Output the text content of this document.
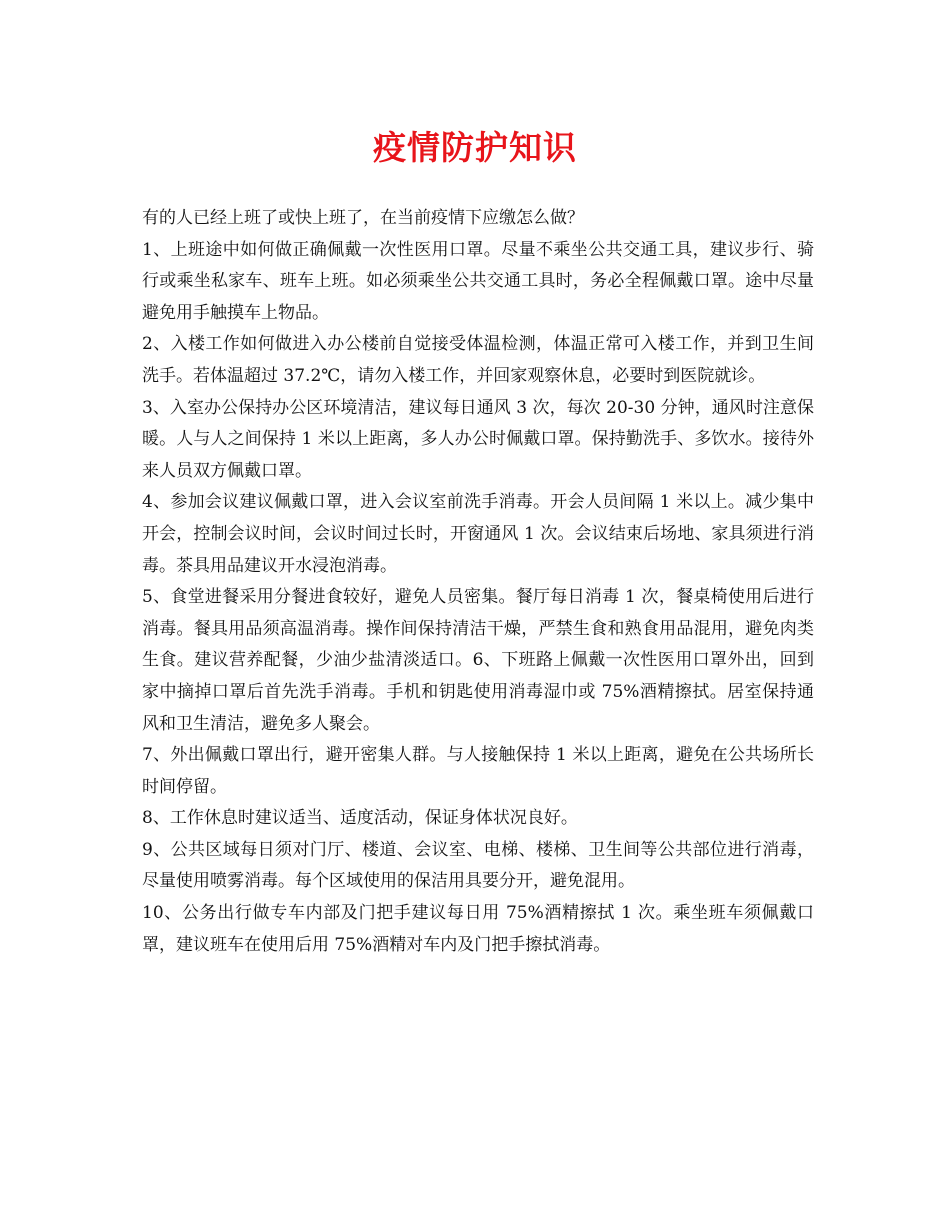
疫情防护知识

有的人已经上班了或快上班了，在当前疫情下应缴怎么做？

1、上班途中如何做正确佩戴一次性医用口罩。尽量不乘坐公共交通工具，建议步行、骑行或乘坐私家车、班车上班。如必须乘坐公共交通工具时，务必全程佩戴口罩。途中尽量避免用手触摸车上物品。

2、入楼工作如何做进入办公楼前自觉接受体温检测，体温正常可入楼工作，并到卫生间洗手。若体温超过 37.2℃，请勿入楼工作，并回家观察休息，必要时到医院就诊。

3、入室办公保持办公区环境清洁，建议每日通风 3 次，每次 20-30 分钟，通风时注意保暖。人与人之间保持 1 米以上距离，多人办公时佩戴口罩。保持勤洗手、多饮水。接待外来人员双方佩戴口罩。

4、参加会议建议佩戴口罩，进入会议室前洗手消毒。开会人员间隔 1 米以上。减少集中开会，控制会议时间，会议时间过长时，开窗通风 1 次。会议结束后场地、家具须进行消毒。茶具用品建议开水浸泡消毒。

5、食堂进餐采用分餐进食较好，避免人员密集。餐厅每日消毒 1 次，餐桌椅使用后进行消毒。餐具用品须高温消毒。操作间保持清洁干燥，严禁生食和熟食用品混用，避免肉类生食。建议营养配餐，少油少盐清淡适口。6、下班路上佩戴一次性医用口罩外出，回到家中摘掉口罩后首先洗手消毒。手机和钥匙使用消毒湿巾或 75%酒精擦拭。居室保持通风和卫生清洁，避免多人聚会。

7、外出佩戴口罩出行，避开密集人群。与人接触保持 1 米以上距离，避免在公共场所长时间停留。

8、工作休息时建议适当、适度活动，保证身体状况良好。

9、公共区域每日须对门厅、楼道、会议室、电梯、楼梯、卫生间等公共部位进行消毒，尽量使用喷雾消毒。每个区域使用的保洁用具要分开，避免混用。

10、公务出行做专车内部及门把手建议每日用 75%酒精擦拭 1 次。乘坐班车须佩戴口罩，建议班车在使用后用 75%酒精对车内及门把手擦拭消毒。
